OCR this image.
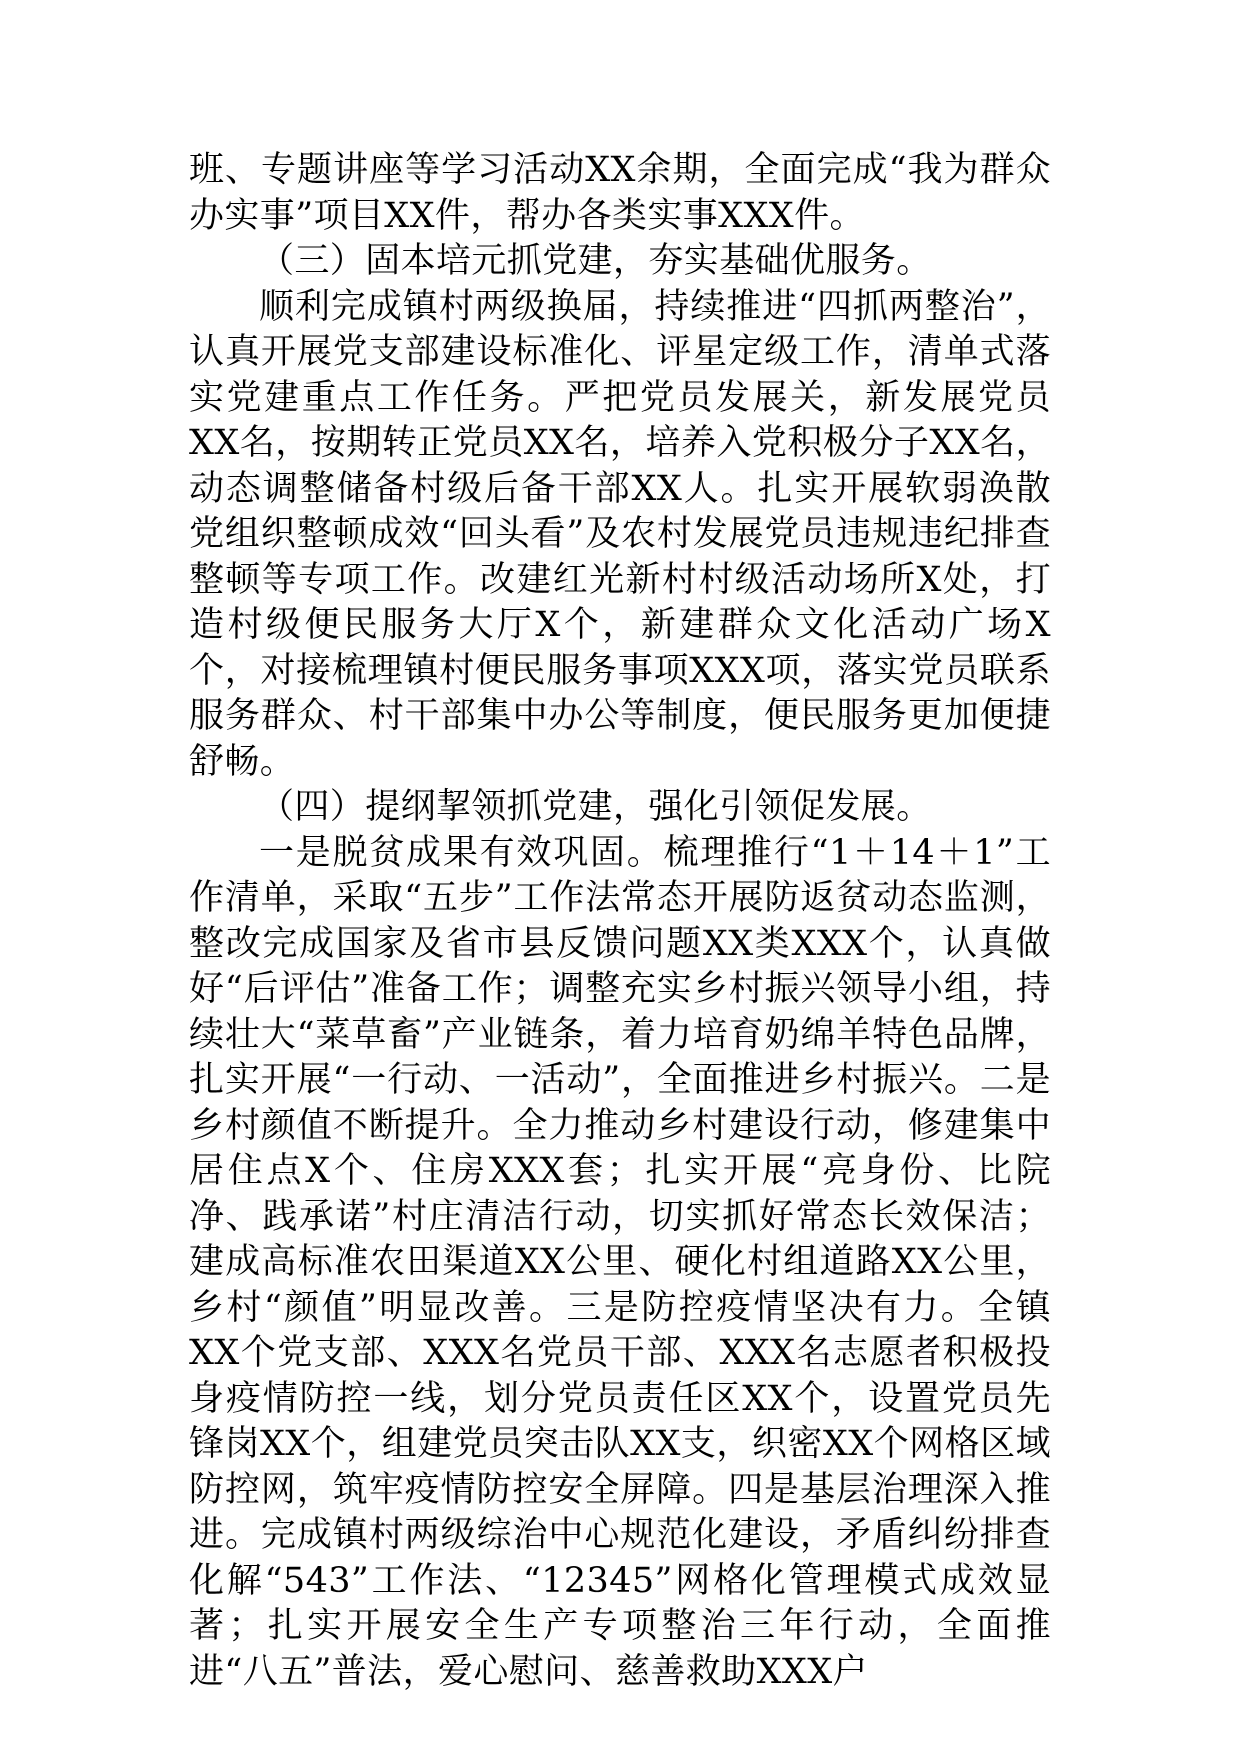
班、专题讲座等学习活动XX余期，全面完成“我为群众办实事”项目XX件，帮办各类实事XXX件。

（三）固本培元抓党建，夯实基础优服务。

顺利完成镇村两级换届，持续推进“四抓两整治”，认真开展党支部建设标准化、评星定级工作，清单式落实党建重点工作任务。严把党员发展关，新发展党员XX名，按期转正党员XX名，培养入党积极分子XX名，动态调整储备村级后备干部XX人。扎实开展软弱涣散党组织整顿成效“回头看”及农村发展党员违规违纪排查整顿等专项工作。改建红光新村村级活动场所X处，打造村级便民服务大厅X个，新建群众文化活动广场X个，对接梳理镇村便民服务事项XXX项，落实党员联系服务群众、村干部集中办公等制度，便民服务更加便捷舒畅。

（四）提纲挈领抓党建，强化引领促发展。

一是脱贫成果有效巩固。梳理推行“1＋14＋1”工作清单，采取“五步”工作法常态开展防返贫动态监测，整改完成国家及省市县反馈问题XX类XXX个，认真做好“后评估”准备工作；调整充实乡村振兴领导小组，持续壮大“菜草畜”产业链条，着力培育奶绵羊特色品牌，扎实开展“一行动、一活动”，全面推进乡村振兴。二是乡村颜值不断提升。全力推动乡村建设行动，修建集中居住点X个、住房XXX套；扎实开展“亮身份、比院净、践承诺”村庄清洁行动，切实抓好常态长效保洁；建成高标准农田渠道XX公里、硬化村组道路XX公里，乡村“颜值”明显改善。三是防控疫情坚决有力。全镇XX个党支部、XXX名党员干部、XXX名志愿者积极投身疫情防控一线，划分党员责任区XX个，设置党员先锋岗XX个，组建党员突击队XX支，织密XX个网格区域防控网，筑牢疫情防控安全屏障。四是基层治理深入推进。完成镇村两级综治中心规范化建设，矛盾纠纷排查化解“543”工作法、“12345”网格化管理模式成效显著；扎实开展安全生产专项整治三年行动，全面推进“八五”普法，爱心慰问、慈善救助XXX户
